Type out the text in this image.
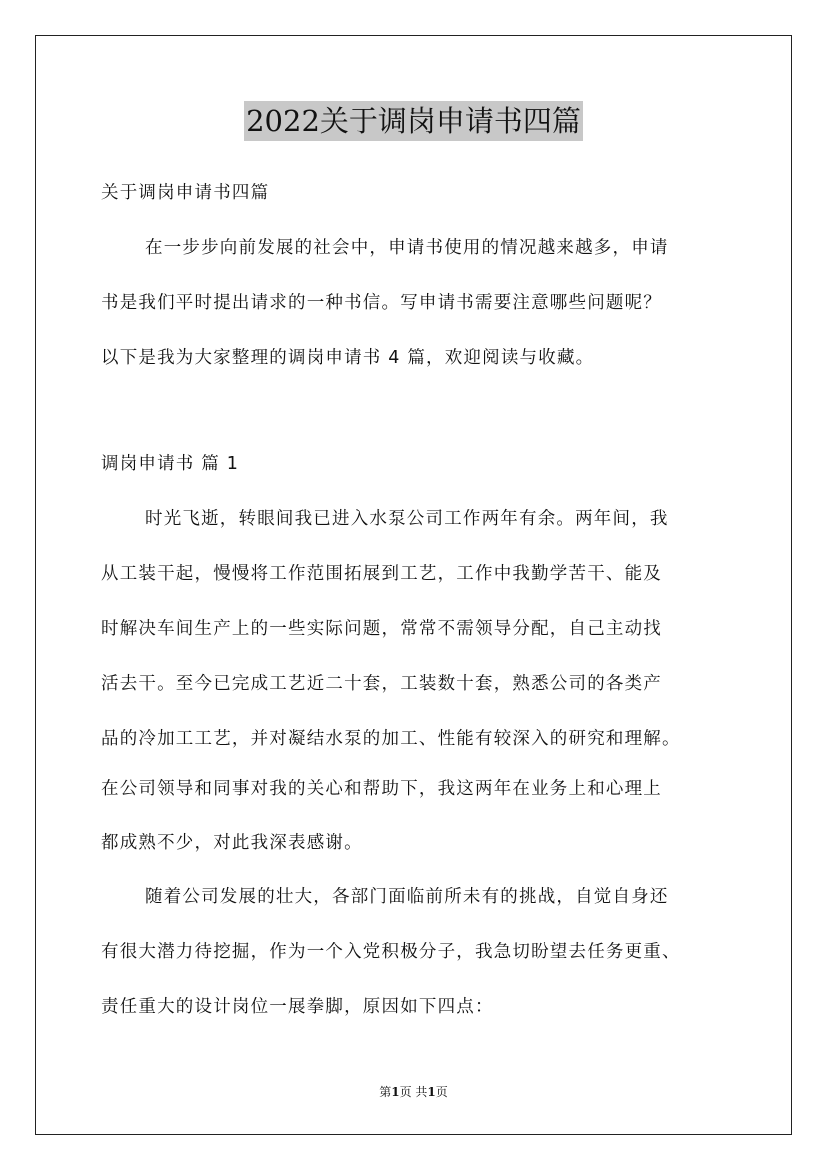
2022关于调岗申请书四篇
关于调岗申请书四篇
在一步步向前发展的社会中，申请书使用的情况越来越多，申请
书是我们平时提出请求的一种书信。写申请书需要注意哪些问题呢？
以下是我为大家整理的调岗申请书 4 篇，欢迎阅读与收藏。
调岗申请书 篇 1
时光飞逝，转眼间我已进入水泵公司工作两年有余。两年间，我
从工装干起，慢慢将工作范围拓展到工艺，工作中我勤学苦干、能及
时解决车间生产上的一些实际问题，常常不需领导分配，自己主动找
活去干。至今已完成工艺近二十套，工装数十套，熟悉公司的各类产
品的冷加工工艺，并对凝结水泵的加工、性能有较深入的研究和理解。
在公司领导和同事对我的关心和帮助下，我这两年在业务上和心理上
都成熟不少，对此我深表感谢。
随着公司发展的壮大，各部门面临前所未有的挑战，自觉自身还
有很大潜力待挖掘，作为一个入党积极分子，我急切盼望去任务更重、
责任重大的设计岗位一展拳脚，原因如下四点：
第1页 共1页
